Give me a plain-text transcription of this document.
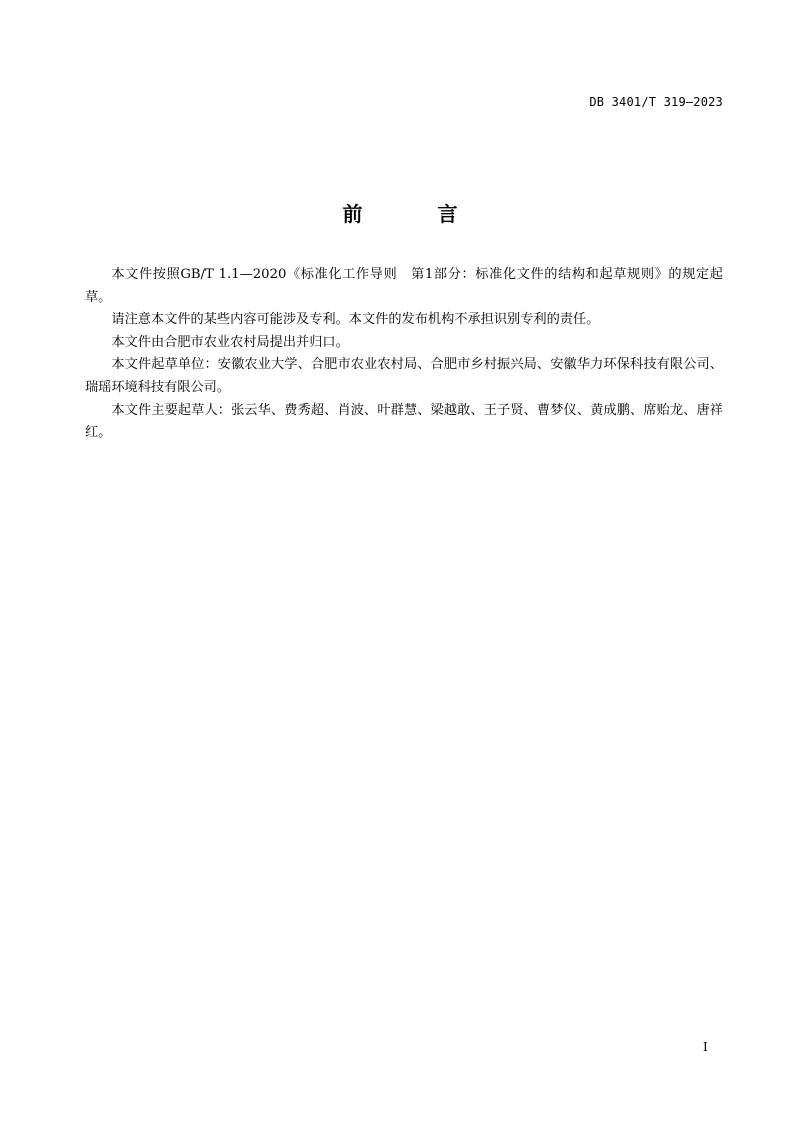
DB 3401/T 319—2023
前 言

本文件按照GB/T 1.1—2020《标准化工作导则　第1部分：标准化文件的结构和起草规则》的规定起草。

请注意本文件的某些内容可能涉及专利。本文件的发布机构不承担识别专利的责任。

本文件由合肥市农业农村局提出并归口。

本文件起草单位：安徽农业大学、合肥市农业农村局、合肥市乡村振兴局、安徽华力环保科技有限公司、瑞瑶环境科技有限公司。

本文件主要起草人：张云华、费秀超、肖波、叶群慧、梁越敢、王子贤、曹梦仪、黄成鹏、席贻龙、唐祥红。

I
